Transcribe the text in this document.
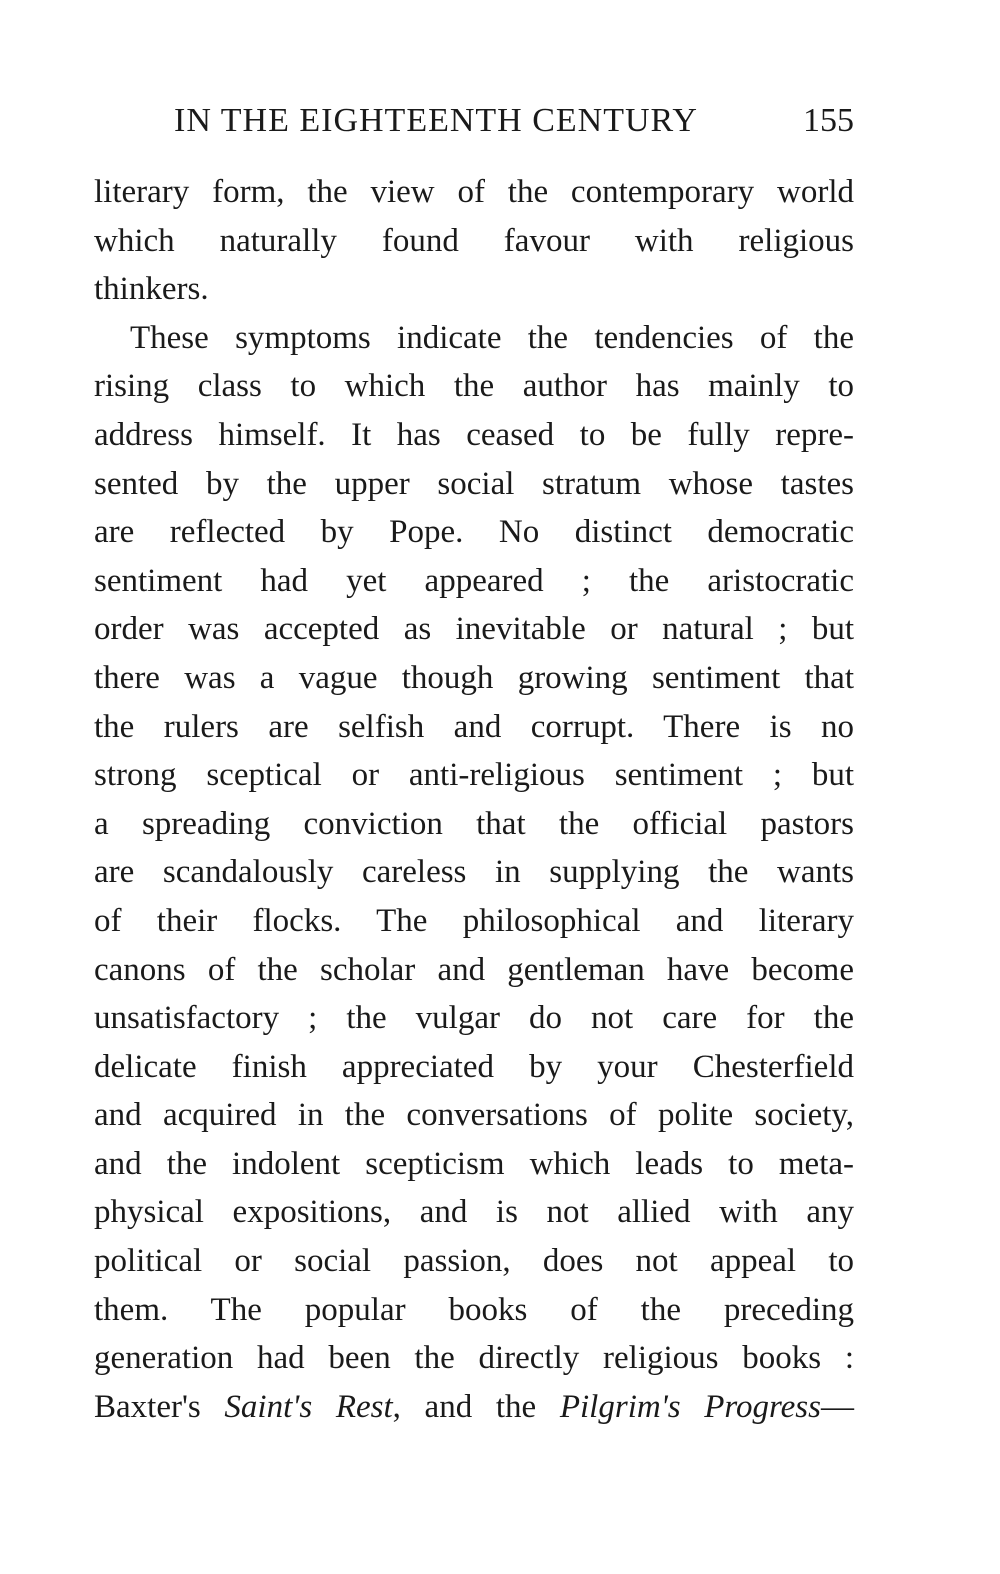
IN THE EIGHTEENTH CENTURY	155
literary form, the view of the contemporary world
which naturally found favour with religious
thinkers.
These symptoms indicate the tendencies of the
rising class to which the author has mainly to
address himself. It has ceased to be fully repre-
sented by the upper social stratum whose tastes
are reflected by Pope. No distinct democratic
sentiment had yet appeared ; the aristocratic
order was accepted as inevitable or natural ; but
there was a vague though growing sentiment that
the rulers are selfish and corrupt. There is no
strong sceptical or anti-religious sentiment ; but
a spreading conviction that the official pastors
are scandalously careless in supplying the wants
of their flocks. The philosophical and literary
canons of the scholar and gentleman have become
unsatisfactory ; the vulgar do not care for the
delicate finish appreciated by your Chesterfield
and acquired in the conversations of polite society,
and the indolent scepticism which leads to meta-
physical expositions, and is not allied with any
political or social passion, does not appeal to
them. The popular books of the preceding
generation had been the directly religious books :
Baxter's Saint's Rest, and the Pilgrim's Progress—
